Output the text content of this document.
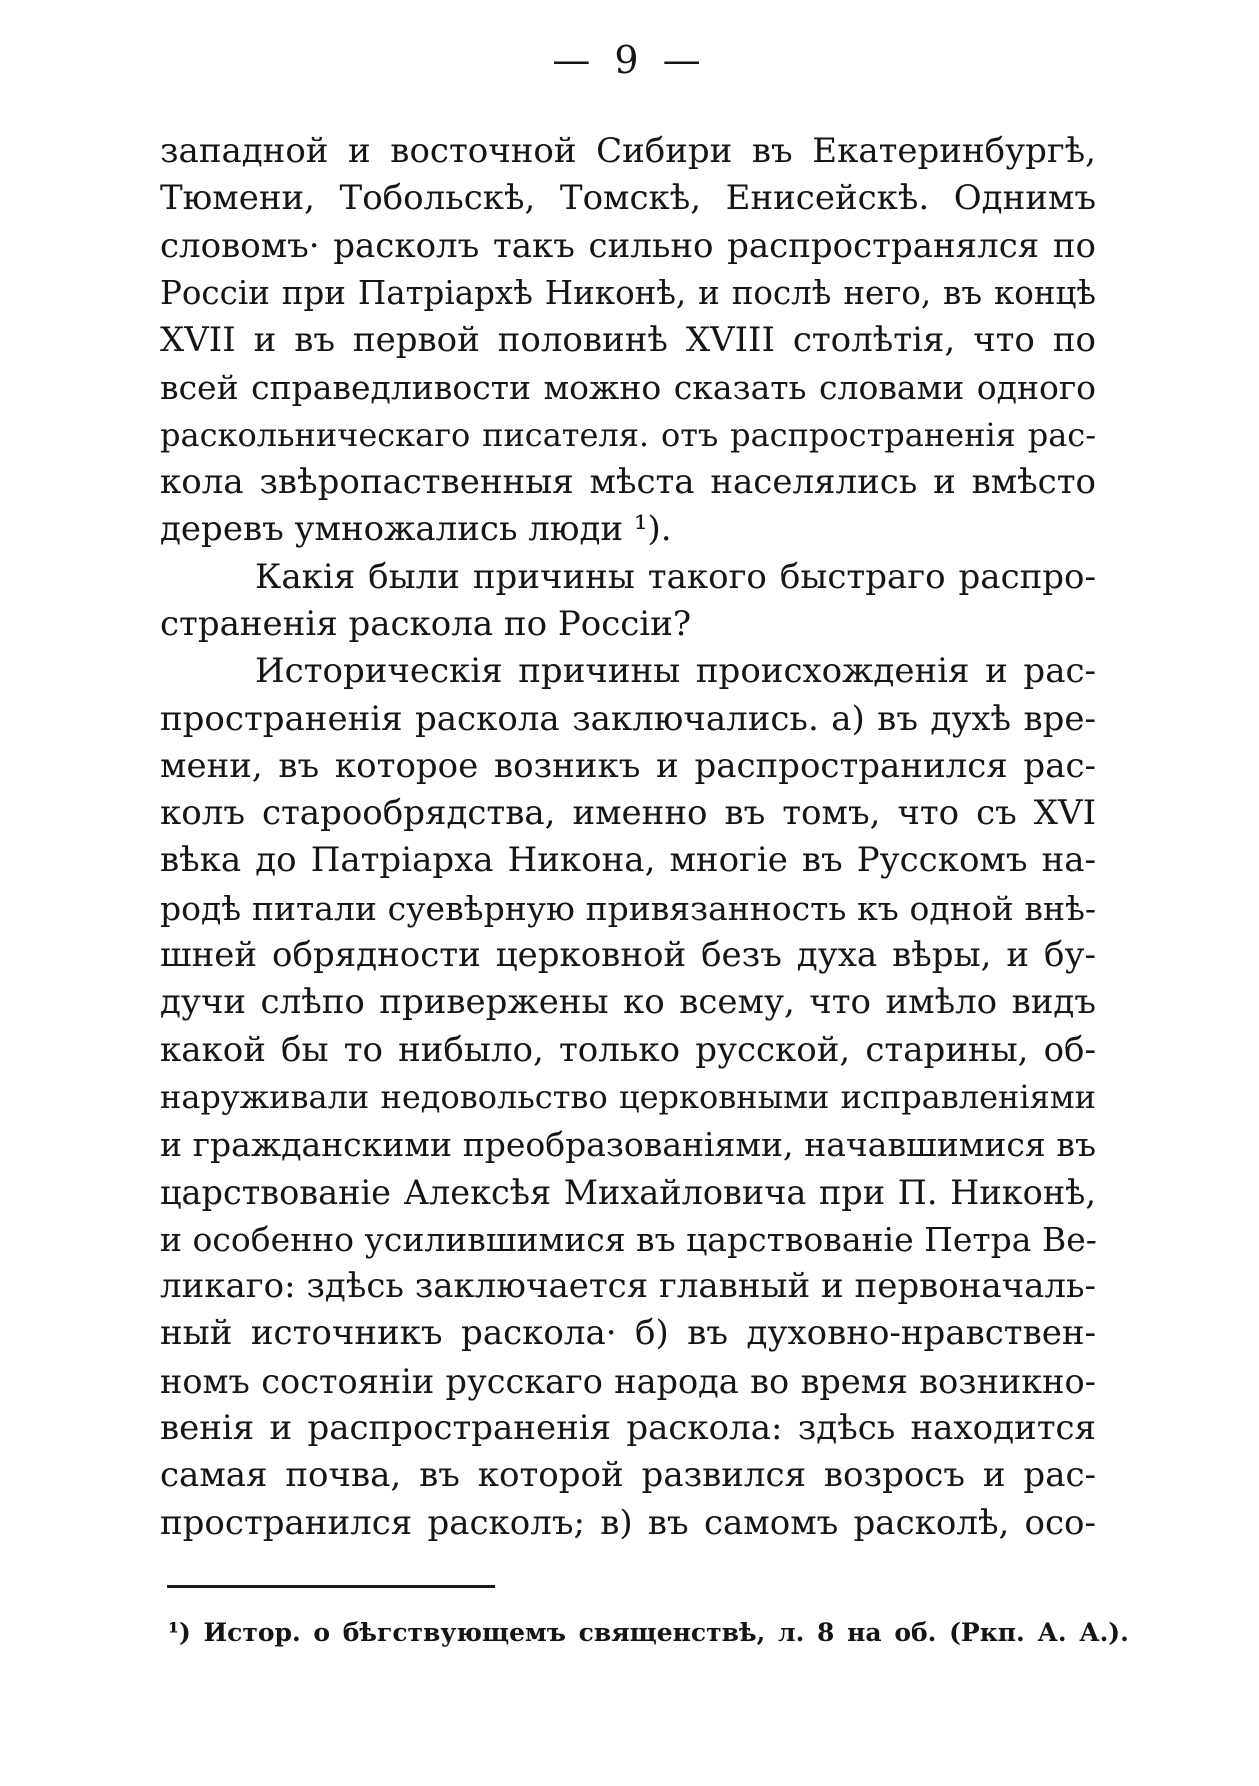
— 9 —
западной и восточной Сибири въ Екатеринбургѣ,
Тюмени, Тобольскѣ, Томскѣ, Енисейскѣ. Однимъ
словомъ· расколъ такъ сильно распространялся по
Россіи при Патріархѣ Никонѣ, и послѣ него, въ концѣ
XVII и въ первой половинѣ XVIII столѣтія, что по
всей справедливости можно сказать словами одного
раскольническаго писателя. отъ распространенія рас-
кола звѣропаственныя мѣста населялись и вмѣсто
деревъ умножались люди ¹).
Какія были причины такого быстраго распро-
страненія раскола по Россіи?
Историческія причины происхожденія и рас-
пространенія раскола заключались. а) въ духѣ вре-
мени, въ которое возникъ и распространился рас-
колъ старообрядства, именно въ томъ, что съ XVI
вѣка до Патріарха Никона, многіе въ Русскомъ на-
родѣ питали суевѣрную привязанность къ одной внѣ-
шней обрядности церковной безъ духа вѣры, и бу-
дучи слѣпо привержены ко всему, что имѣло видъ
какой бы то нибыло, только русской, старины, об-
наруживали недовольство церковными исправленіями
и гражданскими преобразованіями, начавшимися въ
царствованіе Алексѣя Михайловича при П. Никонѣ,
и особенно усилившимися въ царствованіе Петра Ве-
ликаго: здѣсь заключается главный и первоначаль-
ный источникъ раскола· б) въ духовно-нравствен-
номъ состояніи русскаго народа во время возникно-
венія и распространенія раскола: здѣсь находится
самая почва, въ которой развился возросъ и рас-
пространился расколъ; в) въ самомъ расколѣ, осо-
¹) Истор. о бѣгствующемъ священствѣ, л. 8 на об. (Ркп. А. А.).
